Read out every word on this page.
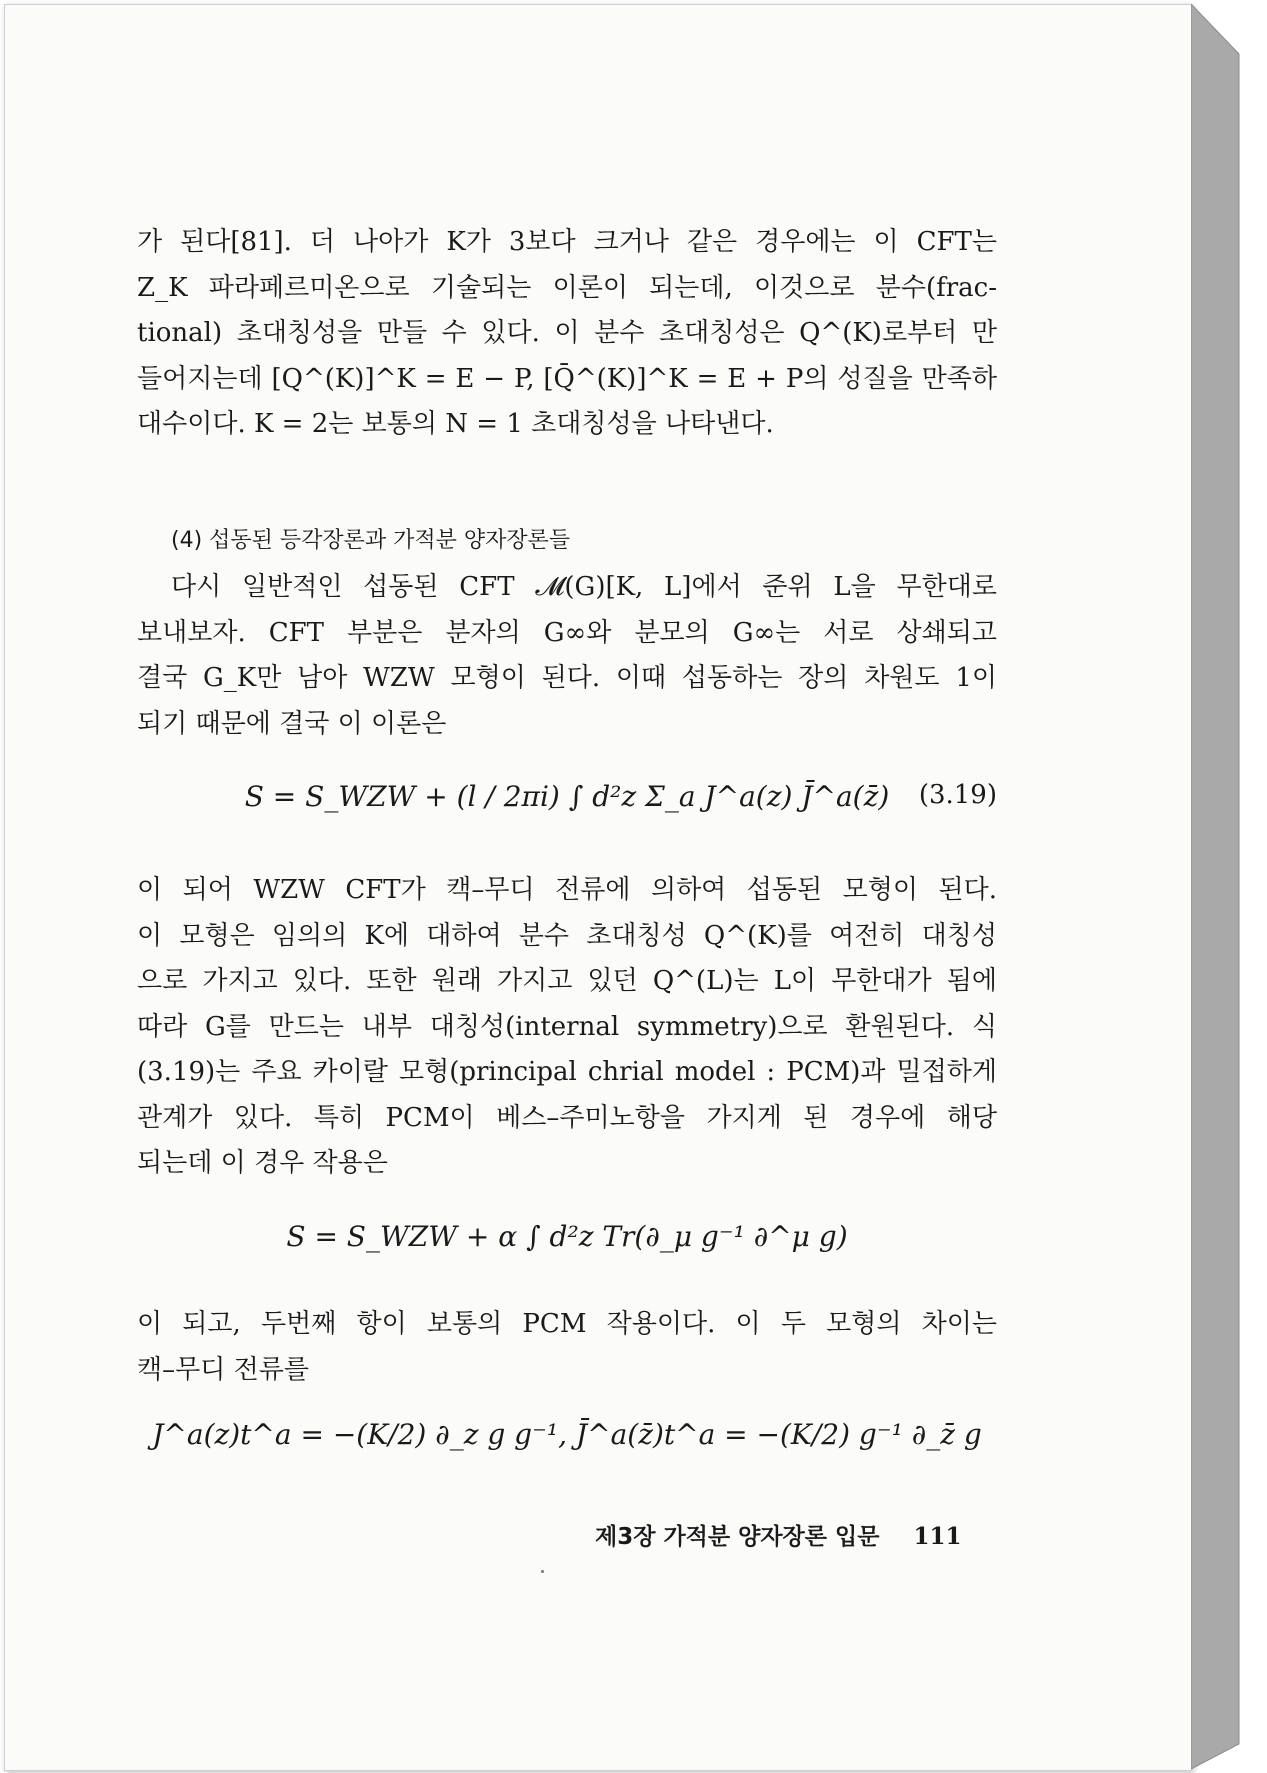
가 된다[81]. 더 나아가 K가 3보다 크거나 같은 경우에는 이 CFT는
Z_K 파라페르미온으로 기술되는 이론이 되는데, 이것으로 분수(frac-
tional) 초대칭성을 만들 수 있다. 이 분수 초대칭성은 Q^(K)로부터 만
들어지는데 [Q^(K)]^K = E − P, [Q̄^(K)]^K = E + P의 성질을 만족하
대수이다. K = 2는 보통의 N = 1 초대칭성을 나타낸다.

(4) 섭동된 등각장론과 가적분 양자장론들

다시 일반적인 섭동된 CFT 𝓜(G)[K, L]에서 준위 L을 무한대로
보내보자. CFT 부분은 분자의 G∞와 분모의 G∞는 서로 상쇄되고
결국 G_K만 남아 WZW 모형이 된다. 이때 섭동하는 장의 차원도 1이
되기 때문에 결국 이 이론은
S = S_WZW + (l / 2πi) ∫ d²z Σ_a J^a(z) J̄^a(z̄)	(3.19)
이 되어 WZW CFT가 캑–무디 전류에 의하여 섭동된 모형이 된다.
이 모형은 임의의 K에 대하여 분수 초대칭성 Q^(K)를 여전히 대칭성
으로 가지고 있다. 또한 원래 가지고 있던 Q^(L)는 L이 무한대가 됨에
따라 G를 만드는 내부 대칭성(internal symmetry)으로 환원된다. 식
(3.19)는 주요 카이랄 모형(principal chrial model : PCM)과 밀접하게
관계가 있다. 특히 PCM이 베스–주미노항을 가지게 된 경우에 해당
되는데 이 경우 작용은
S = S_WZW + α ∫ d²z Tr(∂_μ g⁻¹ ∂^μ g)
이 되고, 두번째 항이 보통의 PCM 작용이다. 이 두 모형의 차이는
캑–무디 전류를
J^a(z)t^a = −(K/2) ∂_z g g⁻¹, J̄^a(z̄)t^a = −(K/2) g⁻¹ ∂_z̄ g
제3장 가적분 양자장론 입문 111
